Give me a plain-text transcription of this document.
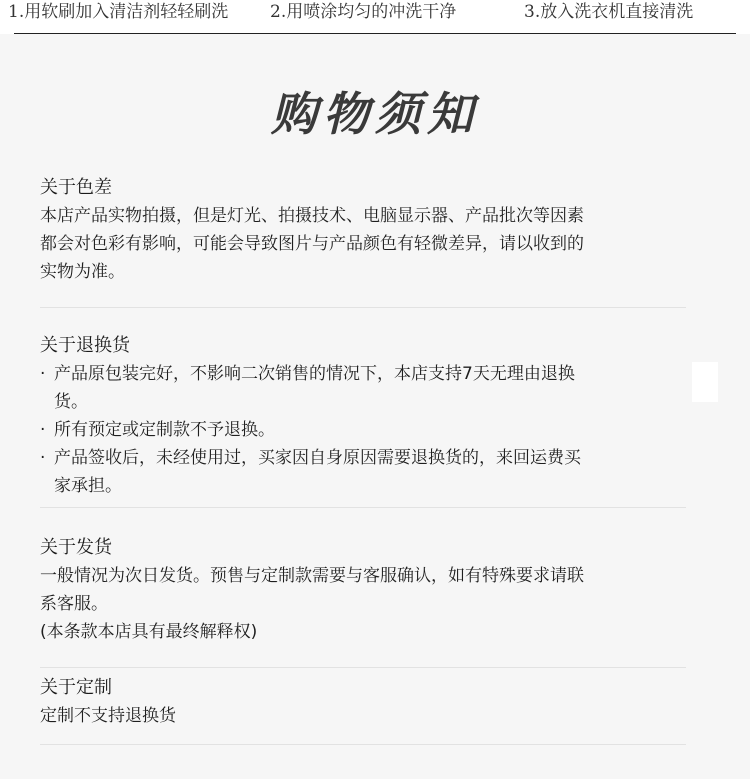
1.用软刷加入清洁剂轻轻刷洗 2.用喷涂均匀的冲洗干净	3.放入洗衣机直接清洗
购物须知
关于色差
本店产品实物拍摄，但是灯光、拍摄技术、电脑显示器、产品批次等因素
都会对色彩有影响，可能会导致图片与产品颜色有轻微差异，请以收到的
实物为准。
关于退换货
· 产品原包装完好，不影响二次销售的情况下，本店支持7天无理由退换
货。
· 所有预定或定制款不予退换。
· 产品签收后，未经使用过，买家因自身原因需要退换货的，来回运费买
家承担。
关于发货
一般情况为次日发货。预售与定制款需要与客服确认，如有特殊要求请联
系客服。
(本条款本店具有最终解释权)
关于定制
定制不支持退换货
